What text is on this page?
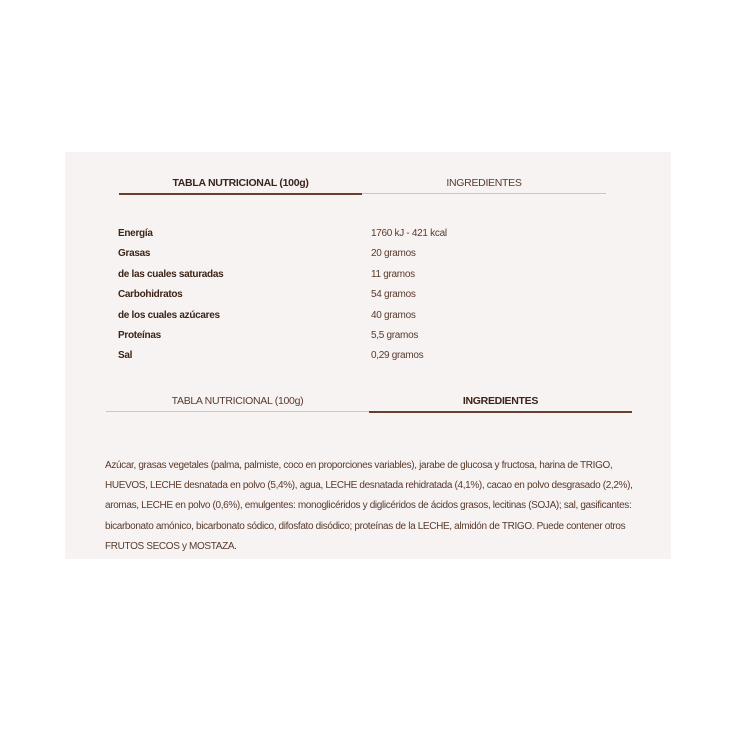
TABLA NUTRICIONAL (100g)	INGREDIENTES
Energía	1760 kJ - 421 kcal
Grasas	20 gramos
de las cuales saturadas	11 gramos
Carbohidratos	54 gramos
de los cuales azúcares	40 gramos
Proteínas	5,5 gramos
Sal	0,29 gramos
TABLA NUTRICIONAL (100g)	INGREDIENTES

Azúcar, grasas vegetales (palma, palmiste, coco en proporciones variables), jarabe de glucosa y fructosa, harina de TRIGO, HUEVOS, LECHE desnatada en polvo (5,4%), agua, LECHE desnatada rehidratada (4,1%), cacao en polvo desgrasado (2,2%), aromas, LECHE en polvo (0,6%), emulgentes: monoglicéridos y diglicéridos de ácidos grasos, lecitinas (SOJA); sal, gasificantes: bicarbonato amónico, bicarbonato sódico, difosfato disódico; proteínas de la LECHE, almidón de TRIGO. Puede contener otros FRUTOS SECOS y MOSTAZA.
